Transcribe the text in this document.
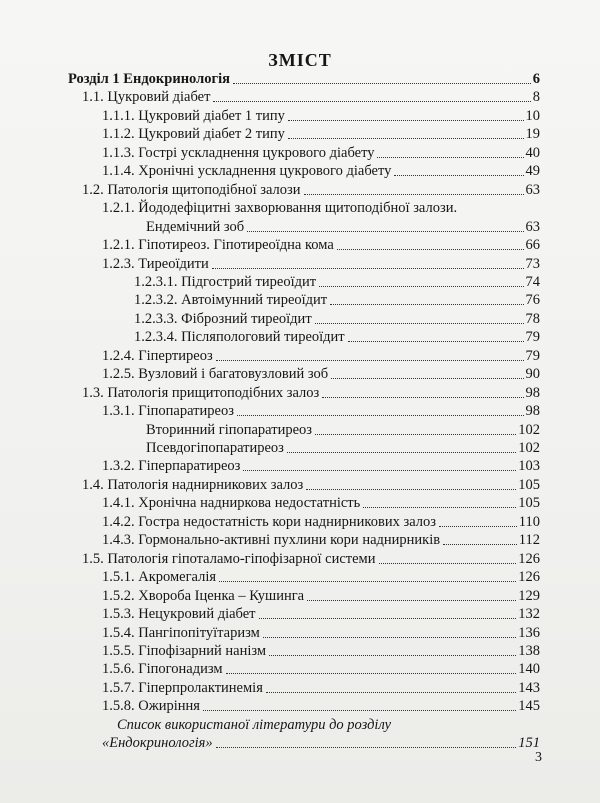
ЗМІСТ
Розділ 1 Ендокринологія	6
1.1. Цукровий діабет	8
1.1.1. Цукровий діабет 1 типу	10
1.1.2. Цукровий діабет 2 типу	19
1.1.3. Гострі ускладнення цукрового діабету	40
1.1.4. Хронічні ускладнення цукрового діабету	49
1.2. Патологія щитоподібної залози	63
1.2.1. Йододефіцитні захворювання щитоподібної залози.
Ендемічний зоб	63
1.2.1. Гіпотиреоз. Гіпотиреоїдна кома	66
1.2.3. Тиреоїдити	73
1.2.3.1. Підгострий тиреоїдит	74
1.2.3.2. Автоімунний тиреоїдит	76
1.2.3.3. Фіброзний тиреоїдит	78
1.2.3.4. Післяпологовий тиреоїдит	79
1.2.4. Гіпертиреоз	79
1.2.5. Вузловий і багатовузловий зоб	90
1.3. Патологія прищитоподібних залоз	98
1.3.1. Гіпопаратиреоз	98
Вторинний гіпопаратиреоз	102
Псевдогіпопаратиреоз	102
1.3.2. Гіперпаратиреоз	103
1.4. Патологія наднирникових залоз	105
1.4.1. Хронічна надниркова недостатність	105
1.4.2. Гостра недостатність кори наднирникових залоз	110
1.4.3. Гормонально-активні пухлини кори наднирників	112
1.5. Патологія гіпоталамо-гіпофізарної системи	126
1.5.1. Акромегалія	126
1.5.2. Хвороба Іценка – Кушинга	129
1.5.3. Нецукровий діабет	132
1.5.4. Пангіпопітуїтаризм	136
1.5.5. Гіпофізарний нанізм	138
1.5.6. Гіпогонадизм	140
1.5.7. Гіперпролактинемія	143
1.5.8. Ожиріння	145
Список використаної літератури до розділу
«Ендокринологія»	151
3
